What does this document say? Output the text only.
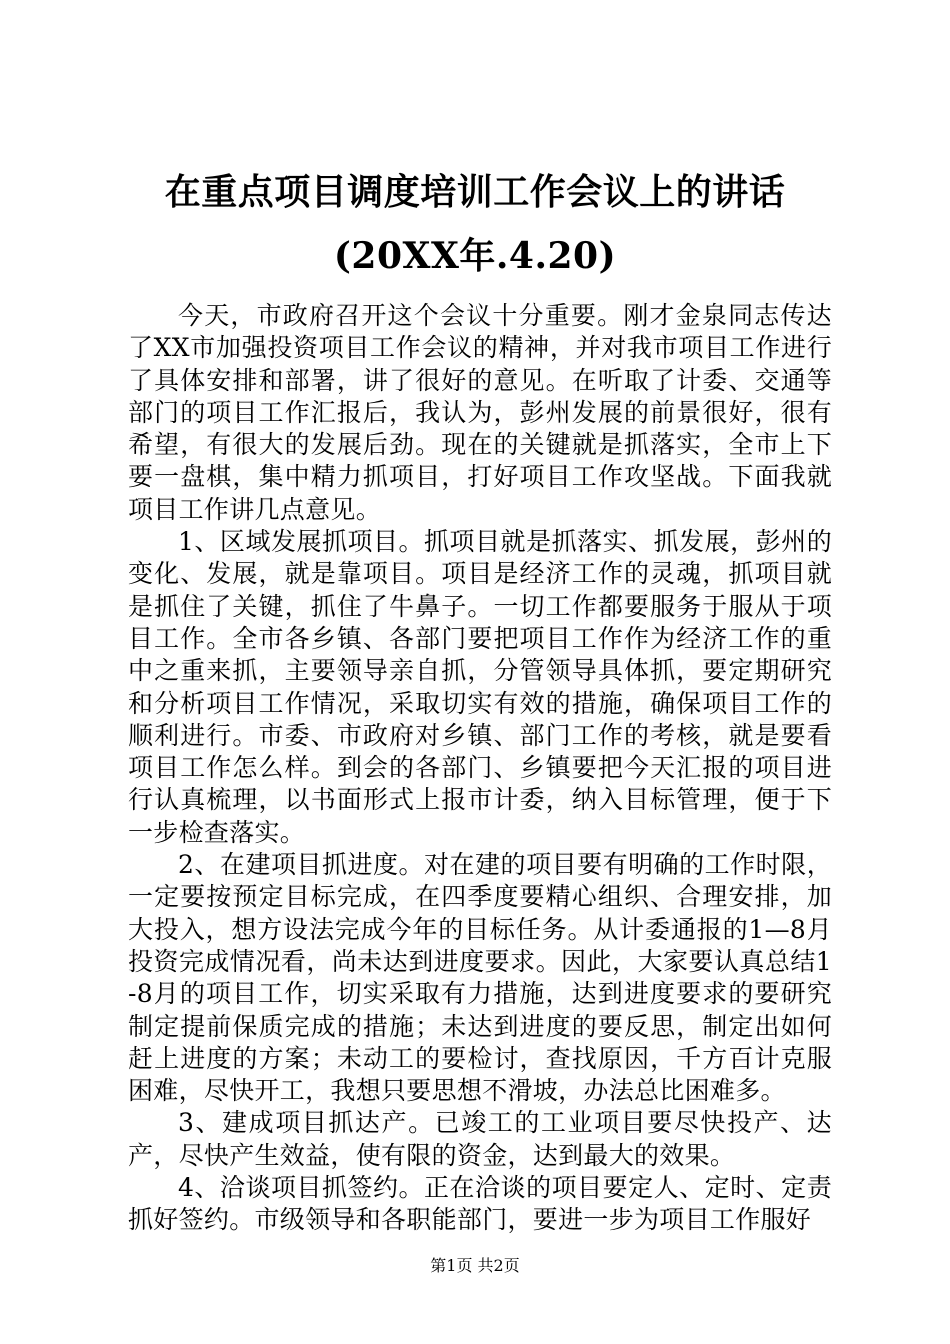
在重点项目调度培训工作会议上的讲话(20XX年.4.20)

今天，市政府召开这个会议十分重要。刚才金泉同志传达了XX市加强投资项目工作会议的精神，并对我市项目工作进行了具体安排和部署，讲了很好的意见。在听取了计委、交通等部门的项目工作汇报后，我认为，彭州发展的前景很好，很有希望，有很大的发展后劲。现在的关键就是抓落实，全市上下要一盘棋，集中精力抓项目，打好项目工作攻坚战。下面我就项目工作讲几点意见。

1、区域发展抓项目。抓项目就是抓落实、抓发展，彭州的变化、发展，就是靠项目。项目是经济工作的灵魂，抓项目就是抓住了关键，抓住了牛鼻子。一切工作都要服务于服从于项目工作。全市各乡镇、各部门要把项目工作作为经济工作的重中之重来抓，主要领导亲自抓，分管领导具体抓，要定期研究和分析项目工作情况，采取切实有效的措施，确保项目工作的顺利进行。市委、市政府对乡镇、部门工作的考核，就是要看项目工作怎么样。到会的各部门、乡镇要把今天汇报的项目进行认真梳理，以书面形式上报市计委，纳入目标管理，便于下一步检查落实。

2、在建项目抓进度。对在建的项目要有明确的工作时限，一定要按预定目标完成，在四季度要精心组织、合理安排，加大投入，想方设法完成今年的目标任务。从计委通报的1—8月投资完成情况看，尚未达到进度要求。因此，大家要认真总结1-8月的项目工作，切实采取有力措施，达到进度要求的要研究制定提前保质完成的措施；未达到进度的要反思，制定出如何赶上进度的方案；未动工的要检讨，查找原因，千方百计克服困难，尽快开工，我想只要思想不滑坡，办法总比困难多。

3、建成项目抓达产。已竣工的工业项目要尽快投产、达产，尽快产生效益，使有限的资金，达到最大的效果。

4、洽谈项目抓签约。正在洽谈的项目要定人、定时、定责抓好签约。市级领导和各职能部门，要进一步为项目工作服好

第1页 共2页
